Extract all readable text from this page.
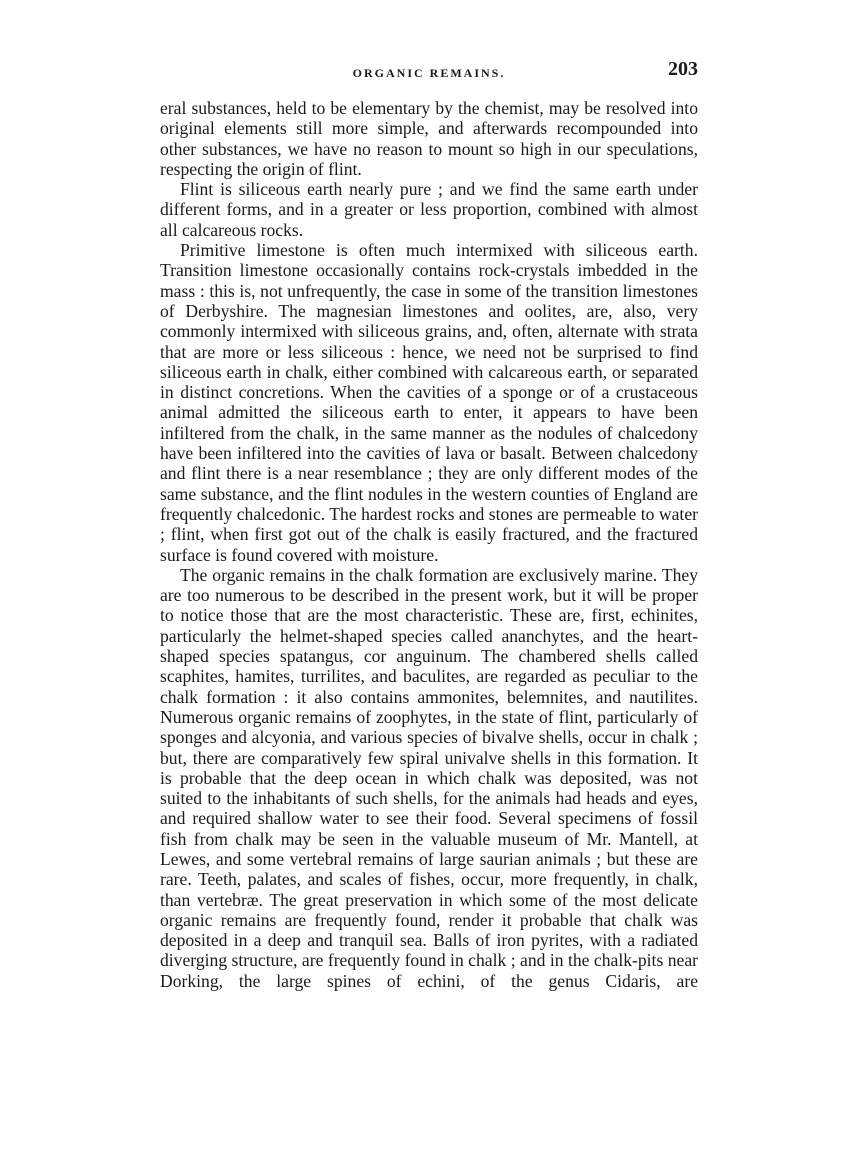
ORGANIC REMAINS.	203

eral substances, held to be elementary by the chemist, may be resolved into original elements still more simple, and afterwards recompounded into other substances, we have no reason to mount so high in our speculations, respecting the origin of flint.

Flint is siliceous earth nearly pure ; and we find the same earth under different forms, and in a greater or less proportion, combined with almost all calcareous rocks.

Primitive limestone is often much intermixed with siliceous earth. Transition limestone occasionally contains rock-crystals imbedded in the mass : this is, not unfrequently, the case in some of the transition limestones of Derbyshire. The magnesian limestones and oolites, are, also, very commonly intermixed with siliceous grains, and, often, alternate with strata that are more or less siliceous : hence, we need not be surprised to find siliceous earth in chalk, either combined with calcareous earth, or separated in distinct concretions. When the cavities of a sponge or of a crustaceous animal admitted the siliceous earth to enter, it appears to have been infiltered from the chalk, in the same manner as the nodules of chalcedony have been infiltered into the cavities of lava or basalt. Between chalcedony and flint there is a near resemblance ; they are only different modes of the same substance, and the flint nodules in the western counties of England are frequently chalcedonic. The hardest rocks and stones are permeable to water ; flint, when first got out of the chalk is easily fractured, and the fractured surface is found covered with moisture.

The organic remains in the chalk formation are exclusively marine. They are too numerous to be described in the present work, but it will be proper to notice those that are the most characteristic. These are, first, echinites, particularly the helmet-shaped species called ananchytes, and the heart-shaped species spatangus, cor anguinum. The chambered shells called scaphites, hamites, turrilites, and baculites, are regarded as peculiar to the chalk formation : it also contains ammonites, belemnites, and nautilites. Numerous organic remains of zoophytes, in the state of flint, particularly of sponges and alcyonia, and various species of bivalve shells, occur in chalk ; but, there are comparatively few spiral univalve shells in this formation. It is probable that the deep ocean in which chalk was deposited, was not suited to the inhabitants of such shells, for the animals had heads and eyes, and required shallow water to see their food. Several specimens of fossil fish from chalk may be seen in the valuable museum of Mr. Mantell, at Lewes, and some vertebral remains of large saurian animals ; but these are rare. Teeth, palates, and scales of fishes, occur, more frequently, in chalk, than vertebræ. The great preservation in which some of the most delicate organic remains are frequently found, render it probable that chalk was deposited in a deep and tranquil sea. Balls of iron pyrites, with a radiated diverging structure, are frequently found in chalk ; and in the chalk-pits near Dorking, the large spines of echini, of the genus Cidaris, are
